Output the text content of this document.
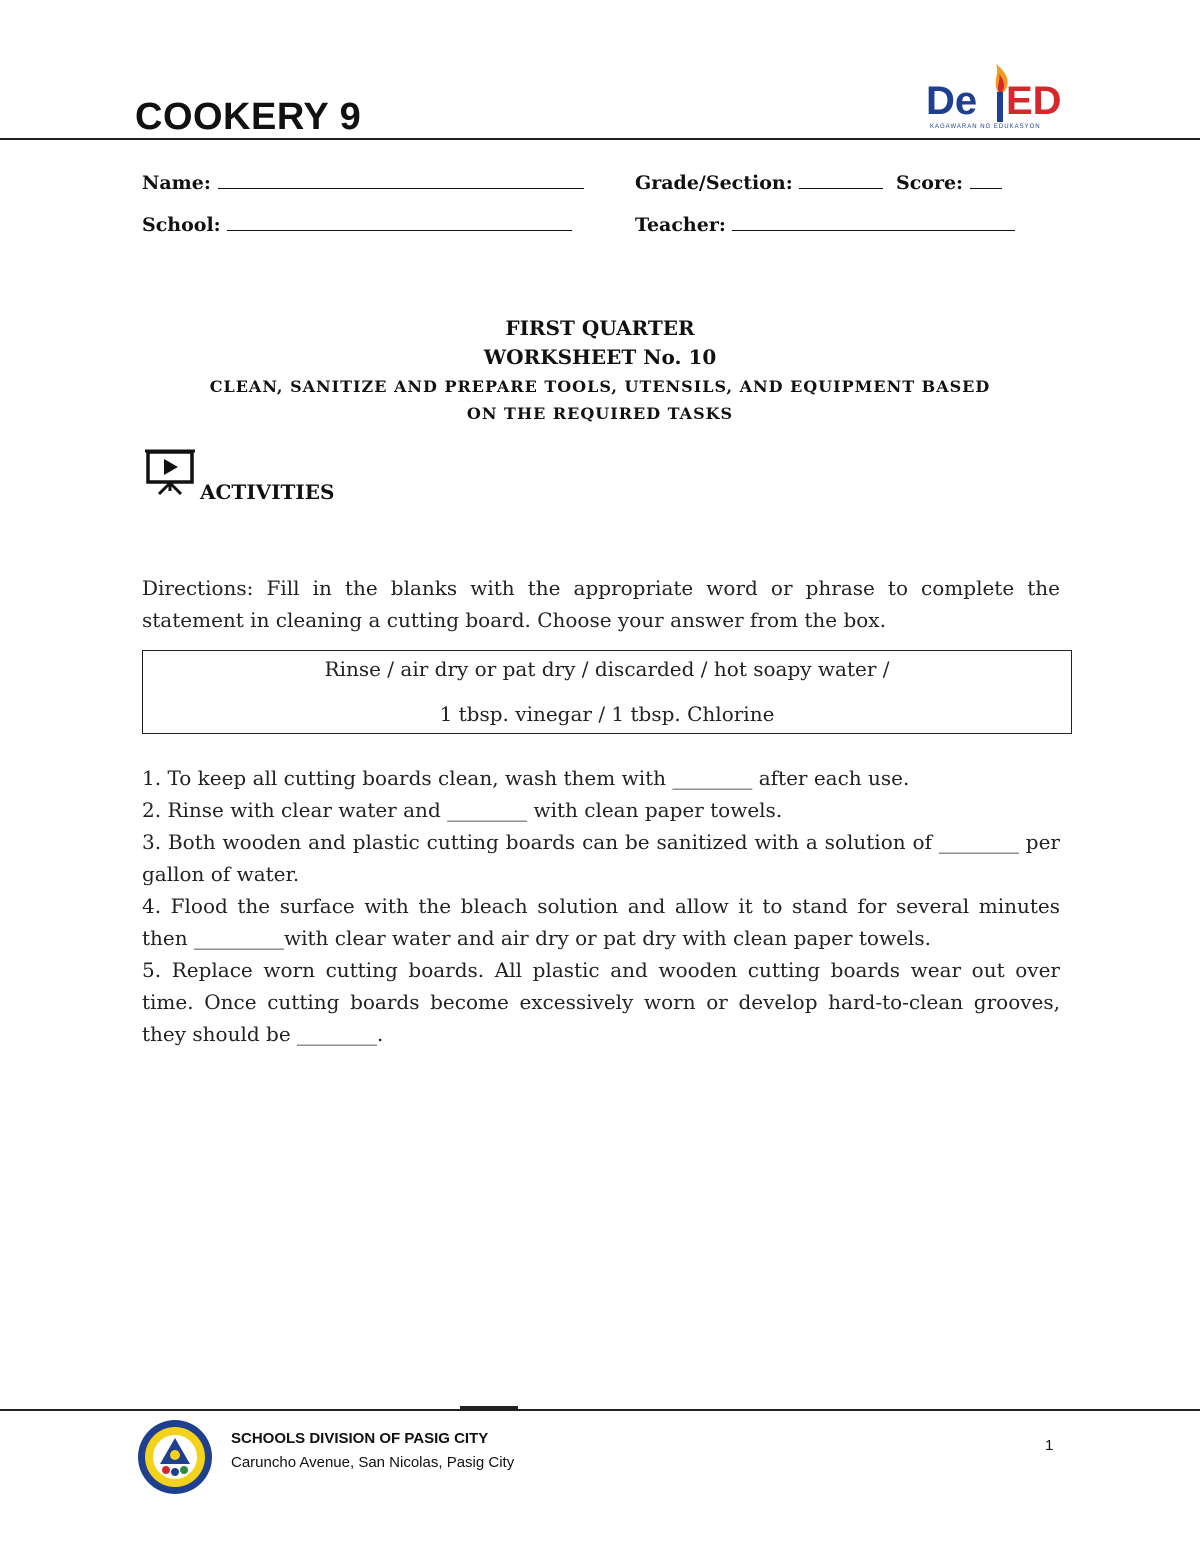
COOKERY 9	De ED
KAGAWARAN NG EDUKASYON
Name:	Grade/Section:	Score:
School:	Teacher:
FIRST QUARTER
WORKSHEET No. 10
CLEAN, SANITIZE AND PREPARE TOOLS, UTENSILS, AND EQUIPMENT BASED
ON THE REQUIRED TASKS
ACTIVITIES
Directions: Fill in the blanks with the appropriate word or phrase to complete the statement in cleaning a cutting board. Choose your answer from the box.
Rinse / air dry or pat dry / discarded / hot soapy water /
1 tbsp. vinegar / 1 tbsp. Chlorine

1. To keep all cutting boards clean, wash them with ________ after each use.

2. Rinse with clear water and ________ with clean paper towels.

3. Both wooden and plastic cutting boards can be sanitized with a solution of ________ per gallon of water.

4. Flood the surface with the bleach solution and allow it to stand for several minutes then _________with clear water and air dry or pat dry with clean paper towels.

5. Replace worn cutting boards. All plastic and wooden cutting boards wear out over time. Once cutting boards become excessively worn or develop hard-to-clean grooves, they should be ________.

SCHOOLS DIVISION OF PASIG CITY
Caruncho Avenue, San Nicolas, Pasig City
1
